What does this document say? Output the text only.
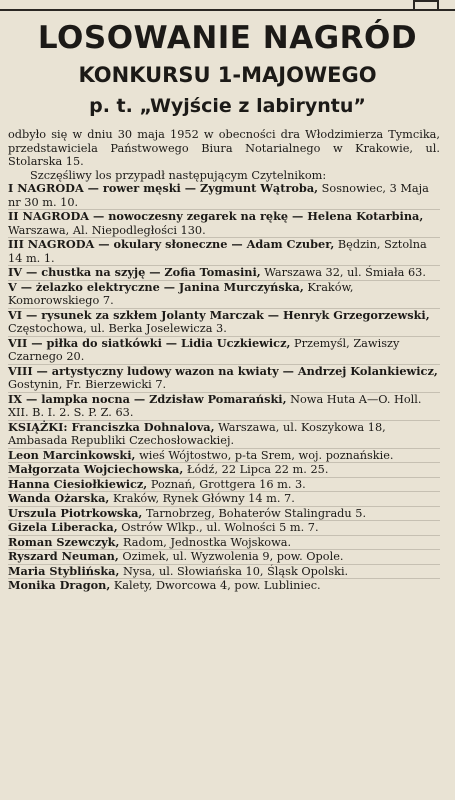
LOSOWANIE NAGRÓD
KONKURSU 1-MAJOWEGO
p. t. „Wyjście z labiryntu”

odbyło się w dniu 30 maja 1952 w obecności dra Włodzimierza Tymcika, przedstawiciela Państwowego Biura Notarialnego w Krakowie, ul. Stolarska 15.

Szczęśliwy los przypadł następującym Czytelnikom:

I NAGRODA — rower męski — Zygmunt Wątroba, Sosnowiec, 3 Maja nr 30 m. 10.
II NAGRODA — nowoczesny zegarek na rękę — Helena Kotarbina, Warszawa, Al. Niepodległości 130.
III NAGRODA — okulary słoneczne — Adam Czuber, Będzin, Sztolna 14 m. 1.
IV — chustka na szyję — Zofia Tomasini, Warszawa 32, ul. Śmiała 63.
V — żelazko elektryczne — Janina Murczyńska, Kraków, Komorowskiego 7.
VI — rysunek za szkłem Jolanty Marczak — Henryk Grzegorzewski, Częstochowa, ul. Berka Joselewicza 3.
VII — piłka do siatkówki — Lidia Uczkiewicz, Przemyśl, Zawiszy Czarnego 20.
VIII — artystyczny ludowy wazon na kwiaty — Andrzej Kolankiewicz, Gostynin, Fr. Bierzewicki 7.
IX — lampka nocna — Zdzisław Pomarański, Nowa Huta A—O. Holl. XII. B. I. 2. S. P. Z. 63.
KSIĄŻKI: Franciszka Dohnalova, Warszawa, ul. Koszykowa 18, Ambasada Republiki Czechosłowackiej.
Leon Marcinkowski, wieś Wójtostwo, p-ta Srem, woj. poznańskie.
Małgorzata Wojciechowska, Łódź, 22 Lipca 22 m. 25.
Hanna Ciesiołkiewicz, Poznań, Grottgera 16 m. 3.
Wanda Ożarska, Kraków, Rynek Główny 14 m. 7.
Urszula Piotrkowska, Tarnobrzeg, Bohaterów Stalingradu 5.
Gizela Liberacka, Ostrów Wlkp., ul. Wolności 5 m. 7.
Roman Szewczyk, Radom, Jednostka Wojskowa.
Ryszard Neuman, Ozimek, ul. Wyzwolenia 9, pow. Opole.
Maria Styblińska, Nysa, ul. Słowiańska 10, Śląsk Opolski.
Monika Dragon, Kalety, Dworcowa 4, pow. Lubliniec.
